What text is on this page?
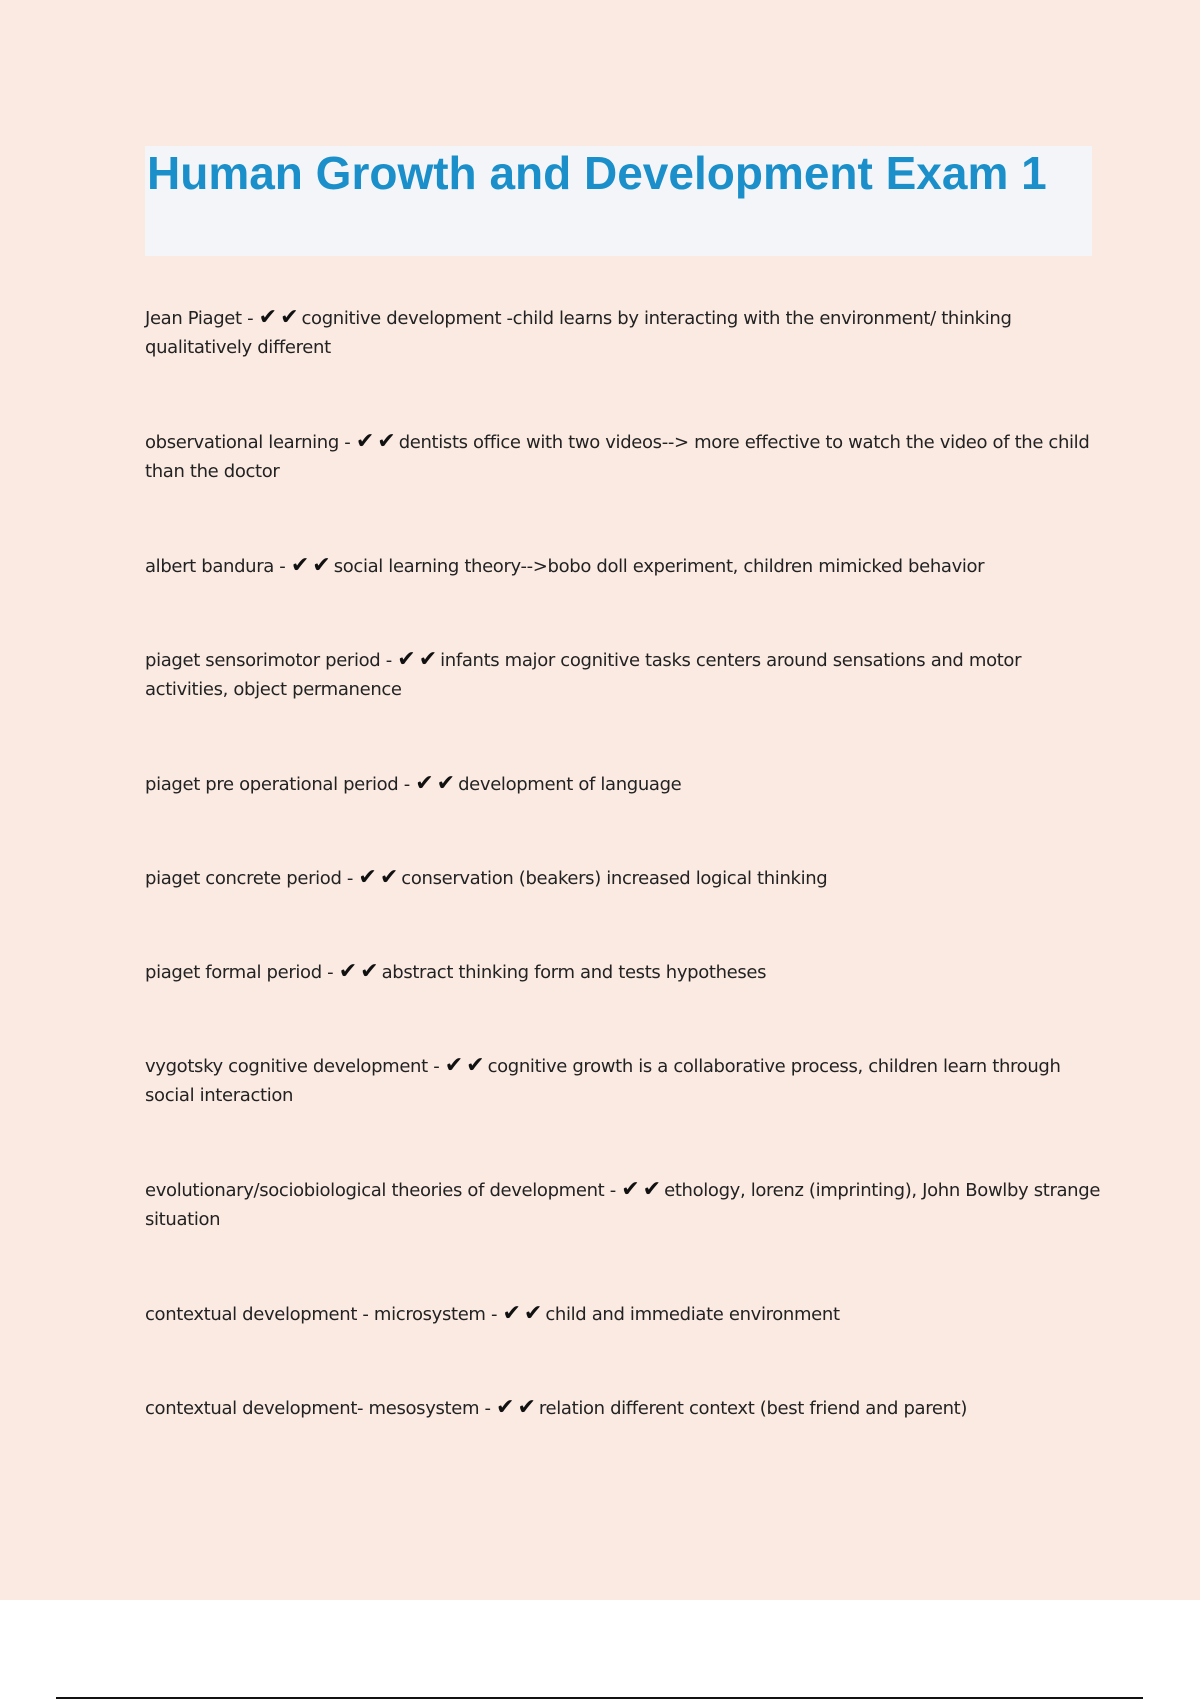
Human Growth and Development Exam 1
Jean Piaget - ✔✔cognitive development -child learns by interacting with the environment/ thinking qualitatively different
observational learning - ✔✔dentists office with two videos--> more effective to watch the video of the child than the doctor
albert bandura - ✔✔social learning theory-->bobo doll experiment, children mimicked behavior
piaget sensorimotor period - ✔✔infants major cognitive tasks centers around sensations and motor activities, object permanence
piaget pre operational period - ✔✔development of language
piaget concrete period - ✔✔conservation (beakers) increased logical thinking
piaget formal period - ✔✔abstract thinking form and tests hypotheses
vygotsky cognitive development - ✔✔cognitive growth is a collaborative process, children learn through social interaction
evolutionary/sociobiological theories of development - ✔✔ethology, lorenz (imprinting), John Bowlby strange situation
contextual development - microsystem - ✔✔child and immediate environment
contextual development- mesosystem - ✔✔relation different context (best friend and parent)
